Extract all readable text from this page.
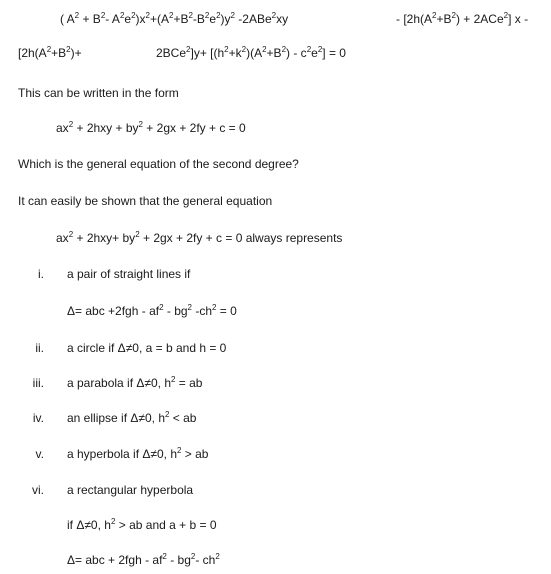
( $A^2 + B^2-$ $A^2e^2)x^2+(A^2+B^2-B^2e^2)y^2$ -2ABe$^2$xy	- $[2h(A^2+B^2) + 2ACe^2]$ x -
[$2h(A^2+B^2)+$	$2BCe^2]y+ [(h^2+k^2)(A^2+B^2) - c^2e^2] = 0$
This can be written in the form
$ax^2 + 2hxy + by^2 + 2gx + 2fy + c = 0$
Which is the general equation of the second degree?
It can easily be shown that the general equation
$ax^2 + 2hxy+ by^2 + 2gx + 2fy + c = 0$ always represents
i. a pair of straight lines if
Δ= abc $+2fgh - af^2 - bg^2$ $-ch^2 = 0$
ii. a circle if Δ≠0, a = b and h = 0
iii. a parabola if Δ≠0, $h^2$ = ab
iv. an ellipse if Δ≠0, $h^2$ < ab
v. a hyperbola if Δ≠0, $h^2$ > ab
vi. a rectangular hyperbola
if Δ≠0, $h^2$ > ab and a + b = 0
Δ= abc + $2fgh - af^2 - bg^2-$ $ch^2$
